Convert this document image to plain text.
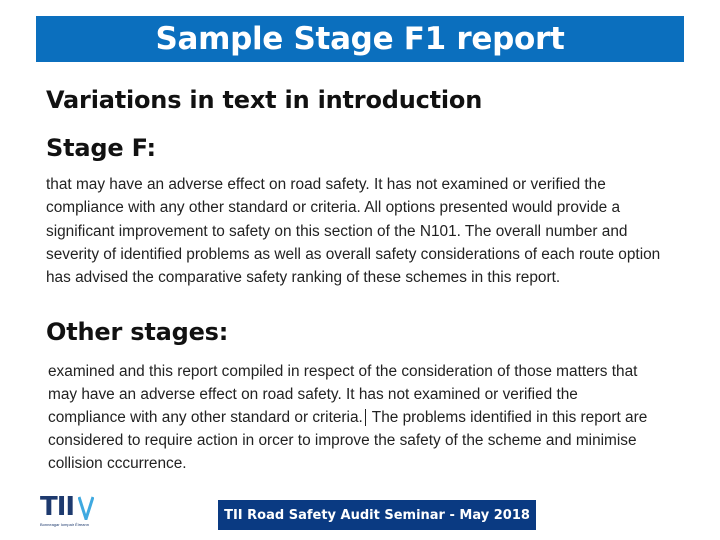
Sample Stage F1 report
Variations in text in introduction
Stage F:
that may have an adverse effect on road safety. It has not examined or verified the
compliance with any other standard or criteria. All options presented would provide a
significant improvement to safety on this section of the N101. The overall number and
severity of identified problems as well as overall safety considerations of each route option
has advised the comparative safety ranking of these schemes in this report.
Other stages:
examined and this report compiled in respect of the consideration of those matters that
may have an adverse effect on road safety. It has not examined or verified the
compliance with any other standard or criteria. The problems identified in this report are
considered to require action in orcer to improve the safety of the scheme and minimise
collision cccurrence.
TII
Bonneagar Iompair Éireann
TII Road Safety Audit Seminar - May 2018
